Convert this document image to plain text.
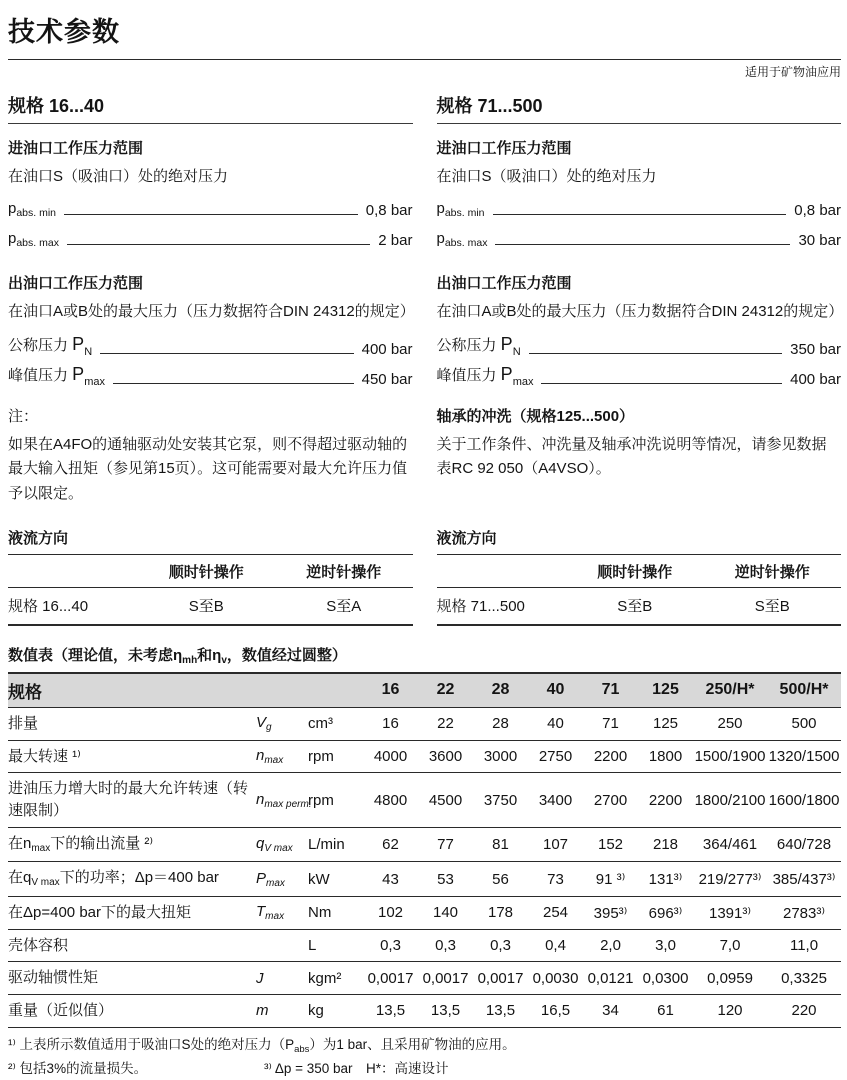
技术参数
适用于矿物油应用
规格 16...40
进油口工作压力范围
在油口S（吸油口）处的绝对压力
$p_{abs. min}$	0,8 bar
$p_{abs. max}$	2 bar
出油口工作压力范围
在油口A或B处的最大压力（压力数据符合DIN 24312的规定）
公称压力 $P_N$	400 bar
峰值压力 $P_{max}$	450 bar
注：
如果在A4FO的通轴驱动处安装其它泵，则不得超过驱动轴的最大输入扭矩（参见第15页）。这可能需要对最大允许压力值予以限定。
规格 71...500
进油口工作压力范围
在油口S（吸油口）处的绝对压力
$p_{abs. min}$	0,8 bar
$p_{abs. max}$	30 bar
出油口工作压力范围
在油口A或B处的最大压力（压力数据符合DIN 24312的规定）
公称压力 $P_N$	350 bar
峰值压力 $P_{max}$	400 bar
轴承的冲洗（规格125...500）
关于工作条件、冲洗量及轴承冲洗说明等情况，请参见数据表RC 92 050（A4VSO）。
液流方向
	顺时针操作	逆时针操作
规格 16...40	S至B	S至A
液流方向
	顺时针操作	逆时针操作
规格 71...500	S至B	S至B
数值表（理论值，未考虑$\eta_{mh}$和$\eta_v$，数值经过圆整）
规格			16	22	28	40	71	125	250/H*	500/H*
排量	$V_g$	cm³	16	22	28	40	71	125	250	500
最大转速 ¹⁾	$n_{max}$	rpm	4000	3600	3000	2750	2200	1800	1500/1900	1320/1500
进油压力增大时的最大允许转速（转速限制）	$n_{max perm.}$	rpm	4800	4500	3750	3400	2700	2200	1800/2100	1600/1800
在$n_{max}$下的输出流量 ²⁾	$q_{V max}$	L/min	62	77	81	107	152	218	364/461	640/728
在$q_{V max}$下的功率；Δp＝400 bar	$P_{max}$	kW	43	53	56	73	91 ³⁾	131³⁾	219/277³⁾	385/437³⁾
在Δp=400 bar下的最大扭矩	$T_{max}$	Nm	102	140	178	254	395³⁾	696³⁾	1391³⁾	2783³⁾
壳体容积		L	0,3	0,3	0,3	0,4	2,0	3,0	7,0	11,0
驱动轴惯性矩	J	kgm²	0,0017	0,0017	0,0017	0,0030	0,0121	0,0300	0,0959	0,3325
重量（近似值）	m	kg	13,5	13,5	13,5	16,5	34	61	120	220
¹⁾ 上表所示数值适用于吸油口S处的绝对压力$(P_{abs})$为1 bar、且采用矿物油的应用。
²⁾ 包括3%的流量损失。	³⁾ Δp = 350 bar　H*：高速设计
